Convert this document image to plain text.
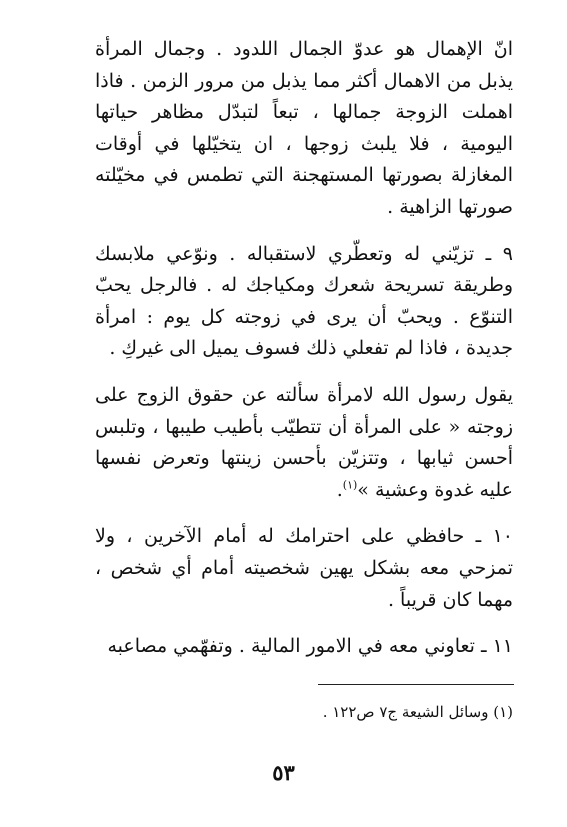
انّ الإهمال هو عدوّ الجمال اللدود . وجمال المرأة يذبل من الاهمال أكثر مما يذبل من مرور الزمن . فاذا اهملت الزوجة جمالها ، تبعاً لتبدّل مظاهر حياتها اليومية ، فلا يلبث زوجها ، ان يتخيّلها في أوقات المغازلة بصورتها المستهجنة التي تطمس في مخيّلته صورتها الزاهية .

٩ ـ تزيّني له وتعطّري لاستقباله . ونوّعي ملابسك وطريقة تسريحة شعرك ومكياجك له . فالرجل يحبّ التنوّع . ويحبّ أن يرى في زوجته كل يوم : امرأة جديدة ، فاذا لم تفعلي ذلك فسوف يميل الى غيركِ .

يقول رسول الله لامرأة سألته عن حقوق الزوج على زوجته « على المرأة أن تتطيّب بأطيب طيبها ، وتلبس أحسن ثيابها ، وتتزيّن بأحسن زينتها وتعرض نفسها عليه غدوة وعشية »$^{(١)}$.

١٠ ـ حافظي على احترامك له أمام الآخرين ، ولا تمزحي معه بشكل يهين شخصيته أمام أي شخص ، مهما كان قريباً .

١١ ـ تعاوني معه في الامور المالية . وتفهّمي مصاعبه

(١) وسائل الشيعة ج٧ ص١٢٢ .
٥٣
